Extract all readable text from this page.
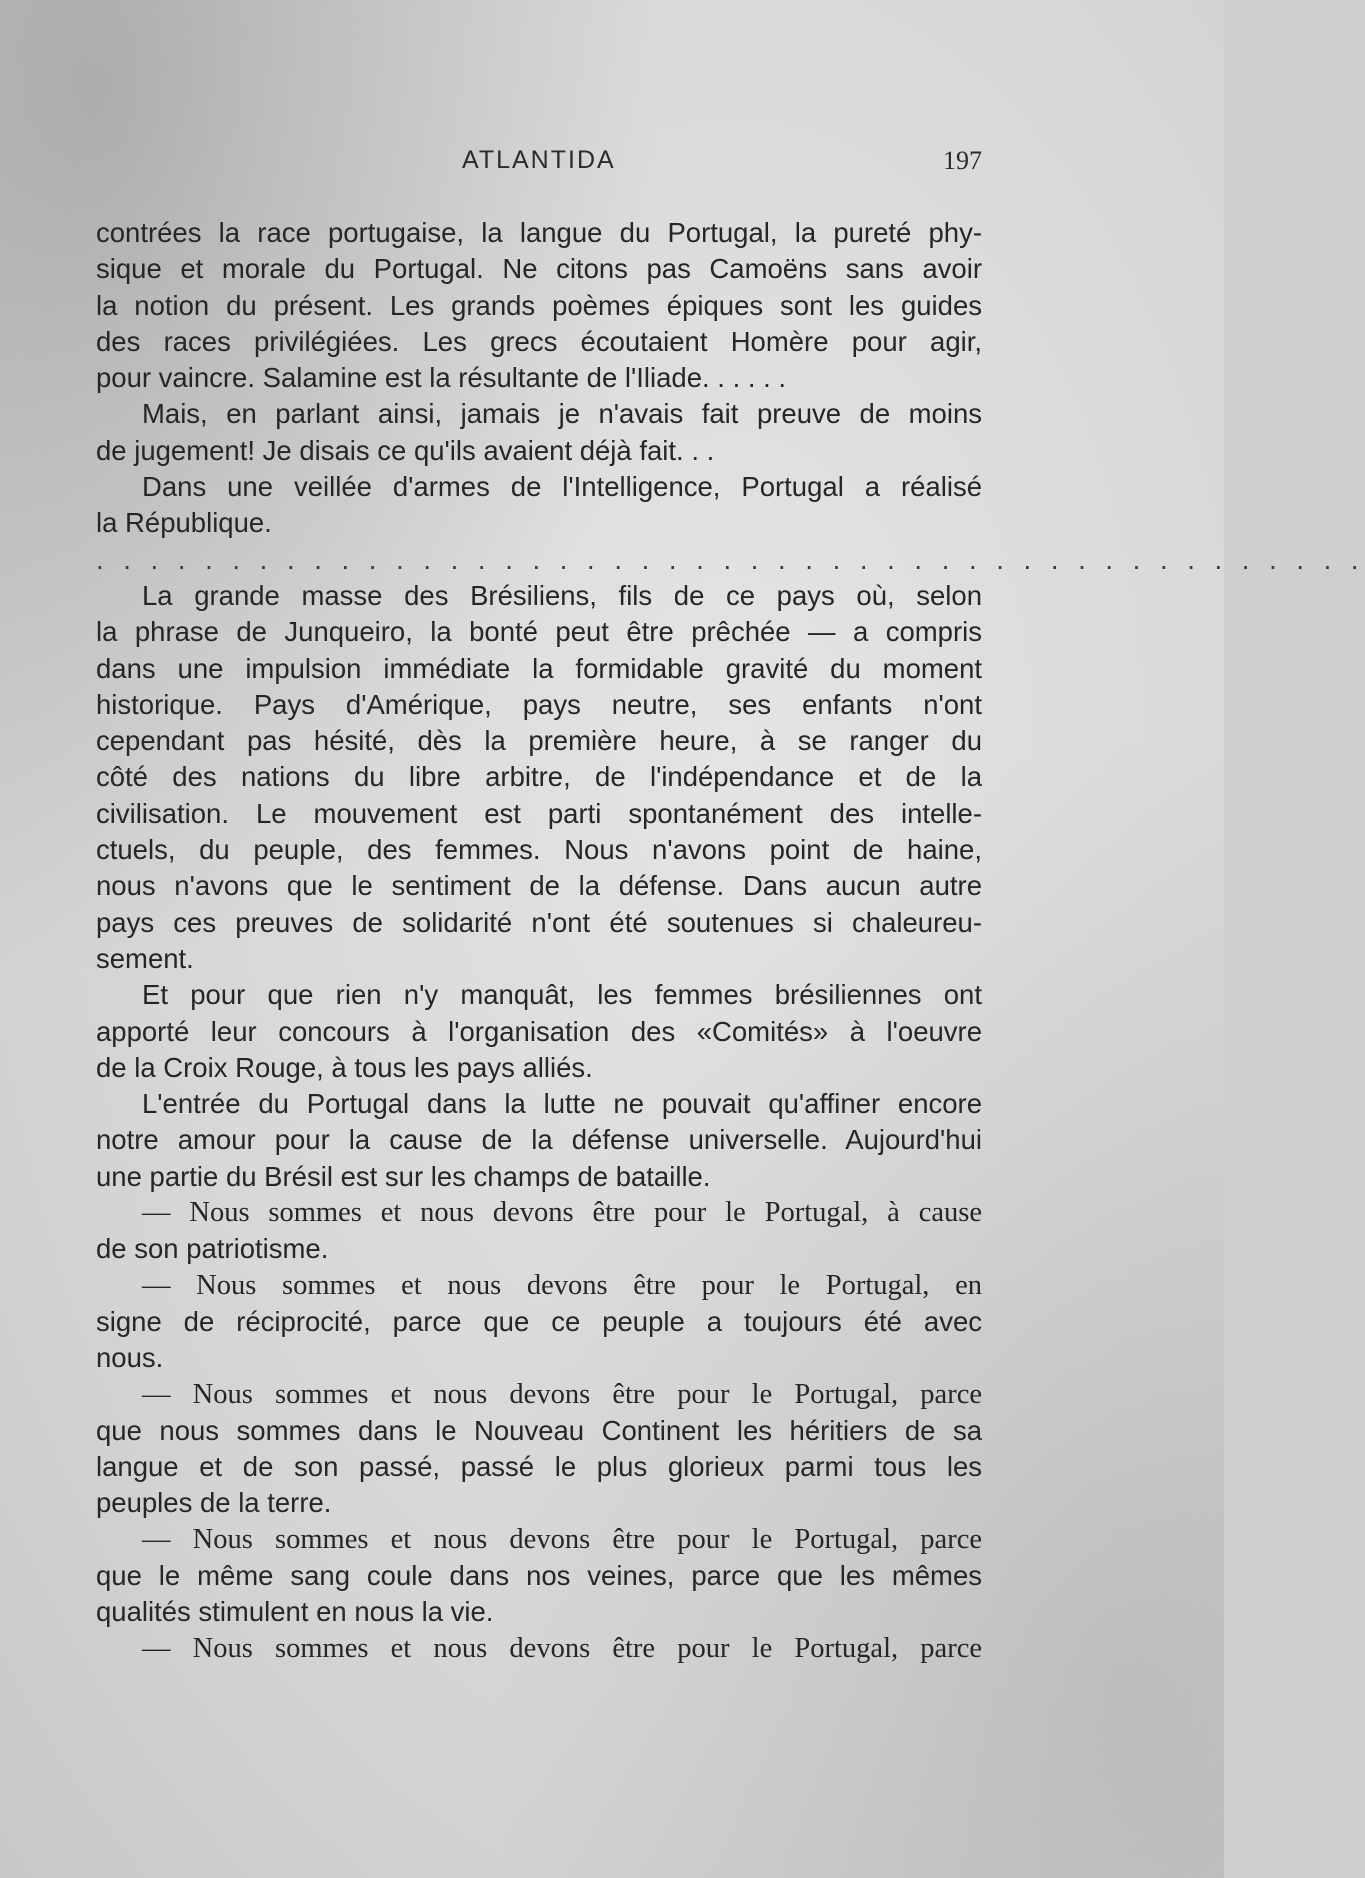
ATLANTIDA	197
contrées la race portugaise, la langue du Portugal, la pureté phy-
sique et morale du Portugal. Ne citons pas Camoëns sans avoir
la notion du présent. Les grands poèmes épiques sont les guides
des races privilégiées. Les grecs écoutaient Homère pour agir,
pour vaincre. Salamine est la résultante de l'Iliade. . . . . .
Mais, en parlant ainsi, jamais je n'avais fait preuve de moins
de jugement! Je disais ce qu'ils avaient déjà fait. . .
Dans une veillée d'armes de l'Intelligence, Portugal a réalisé
la République.
. . . . . . . . . . . . . . . . . . . . . . . . . . . . . . . . . . . . . . . . . . . . . . .
La grande masse des Brésiliens, fils de ce pays où, selon
la phrase de Junqueiro, la bonté peut être prêchée — a compris
dans une impulsion immédiate la formidable gravité du moment
historique. Pays d'Amérique, pays neutre, ses enfants n'ont
cependant pas hésité, dès la première heure, à se ranger du
côté des nations du libre arbitre, de l'indépendance et de la
civilisation. Le mouvement est parti spontanément des intelle-
ctuels, du peuple, des femmes. Nous n'avons point de haine,
nous n'avons que le sentiment de la défense. Dans aucun autre
pays ces preuves de solidarité n'ont été soutenues si chaleureu-
sement.
Et pour que rien n'y manquât, les femmes brésiliennes ont
apporté leur concours à l'organisation des «Comités» à l'oeuvre
de la Croix Rouge, à tous les pays alliés.
L'entrée du Portugal dans la lutte ne pouvait qu'affiner encore
notre amour pour la cause de la défense universelle. Aujourd'hui
une partie du Brésil est sur les champs de bataille.
— Nous sommes et nous devons être pour le Portugal, à cause
de son patriotisme.
— Nous sommes et nous devons être pour le Portugal, en
signe de réciprocité, parce que ce peuple a toujours été avec
nous.
— Nous sommes et nous devons être pour le Portugal, parce
que nous sommes dans le Nouveau Continent les héritiers de sa
langue et de son passé, passé le plus glorieux parmi tous les
peuples de la terre.
— Nous sommes et nous devons être pour le Portugal, parce
que le même sang coule dans nos veines, parce que les mêmes
qualités stimulent en nous la vie.
— Nous sommes et nous devons être pour le Portugal, parce
